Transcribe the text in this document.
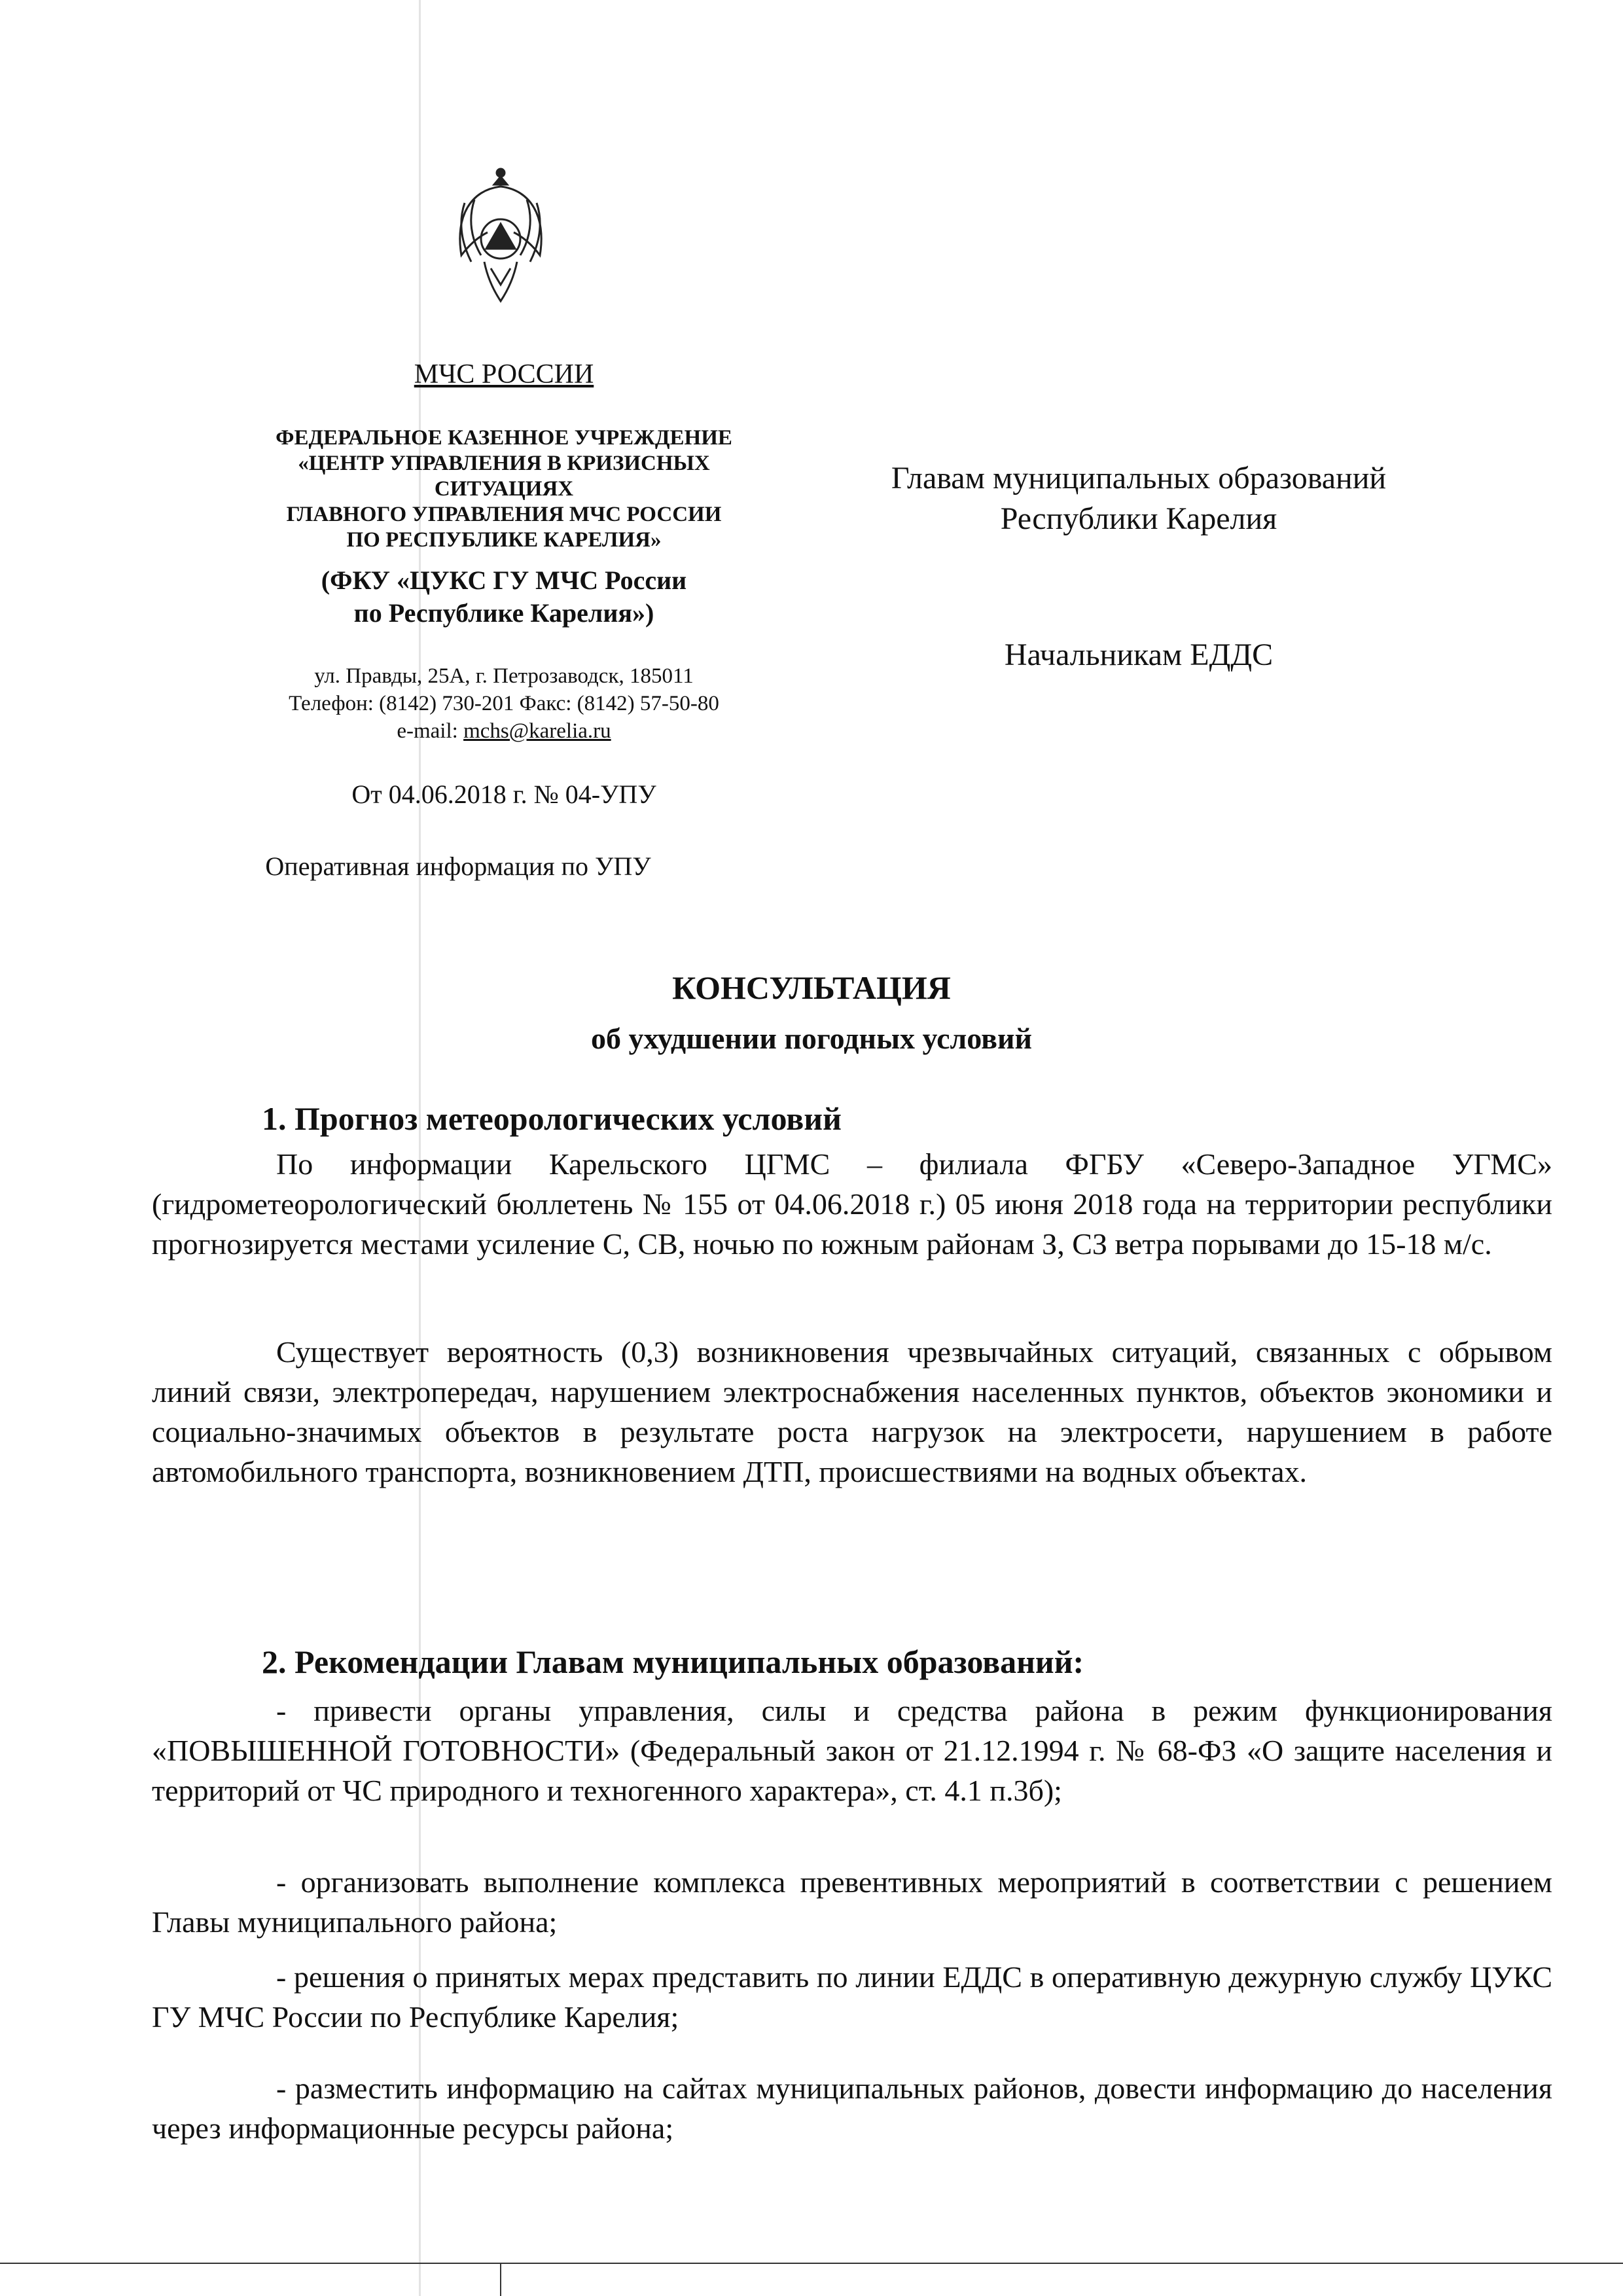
МЧС РОССИИ
ФЕДЕРАЛЬНОЕ КАЗЕННОЕ УЧРЕЖДЕНИЕ
«ЦЕНТР УПРАВЛЕНИЯ В КРИЗИСНЫХ
СИТУАЦИЯХ
ГЛАВНОГО УПРАВЛЕНИЯ МЧС РОССИИ
ПО РЕСПУБЛИКЕ КАРЕЛИЯ»
(ФКУ «ЦУКС ГУ МЧС России
по Республике Карелия»)
ул. Правды, 25А, г. Петрозаводск, 185011
Телефон: (8142) 730-201 Факс: (8142) 57-50-80
e-mail: mchs@karelia.ru
От 04.06.2018 г. № 04-УПУ
Оперативная информация по УПУ
Главам муниципальных образований
Республики Карелия
Начальникам ЕДДС
КОНСУЛЬТАЦИЯ
об ухудшении погодных условий
1. Прогноз метеорологических условий
По информации Карельского ЦГМС – филиала ФГБУ «Северо-Западное УГМС» (гидрометеорологический бюллетень № 155 от 04.06.2018 г.) 05 июня 2018 года на территории республики прогнозируется местами усиление С, СВ, ночью по южным районам З, СЗ ветра порывами до 15-18 м/с.
Существует вероятность (0,3) возникновения чрезвычайных ситуаций, связанных с обрывом линий связи, электропередач, нарушением электроснабжения населенных пунктов, объектов экономики и социально-значимых объектов в результате роста нагрузок на электросети, нарушением в работе автомобильного транспорта, возникновением ДТП, происшествиями на водных объектах.
2. Рекомендации Главам муниципальных образований:
- привести органы управления, силы и средства района в режим функционирования «ПОВЫШЕННОЙ ГОТОВНОСТИ» (Федеральный закон от 21.12.1994 г. № 68-ФЗ «О защите населения и территорий от ЧС природного и техногенного характера», ст. 4.1 п.3б);
- организовать выполнение комплекса превентивных мероприятий в соответствии с решением Главы муниципального района;
- решения о принятых мерах представить по линии ЕДДС в оперативную дежурную службу ЦУКС ГУ МЧС России по Республике Карелия;
- разместить информацию на сайтах муниципальных районов, довести информацию до населения через информационные ресурсы района;
